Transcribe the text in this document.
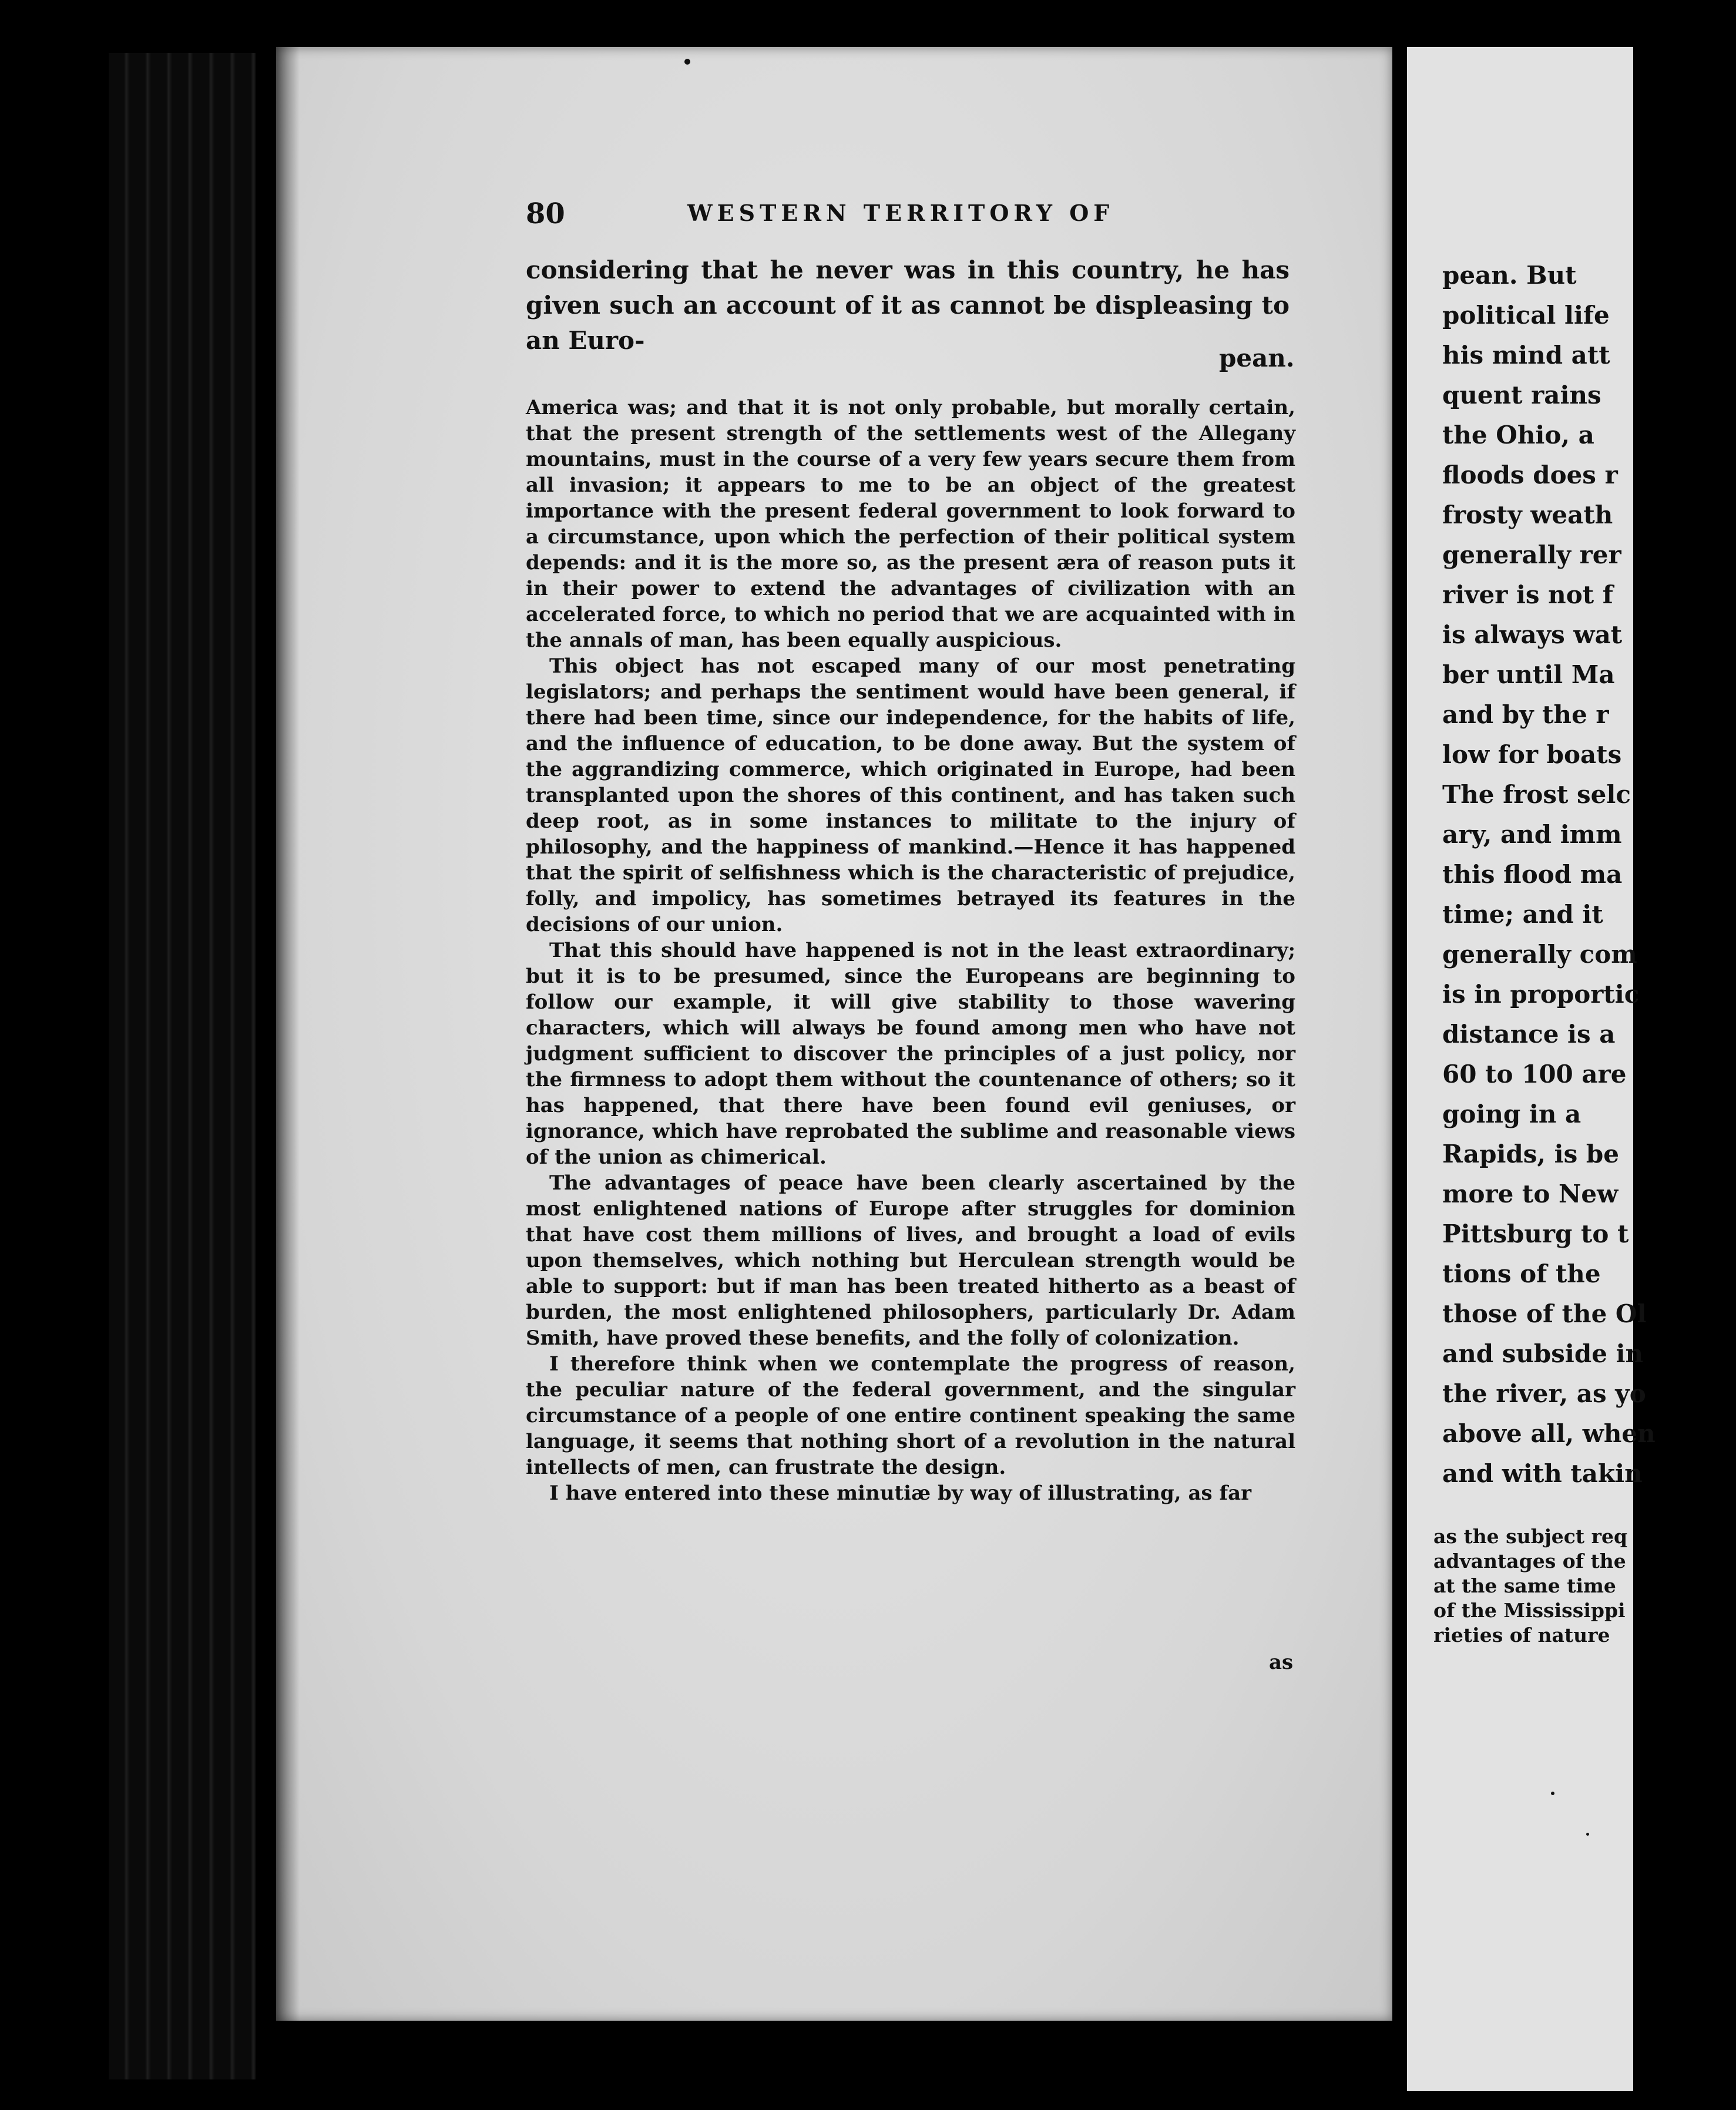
80	WESTERN TERRITORY OF
considering that he never was in this country, he has given such an account of it as cannot be displeasing to an Euro-
pean.

America was; and that it is not only probable, but morally certain, that the present strength of the settlements west of the Allegany mountains, must in the course of a very few years secure them from all invasion; it appears to me to be an object of the greatest importance with the present federal government to look forward to a circumstance, upon which the perfection of their political system depends: and it is the more so, as the present æra of reason puts it in their power to extend the advantages of civilization with an accelerated force, to which no period that we are acquainted with in the annals of man, has been equally auspicious.

This object has not escaped many of our most penetrating legislators; and perhaps the sentiment would have been general, if there had been time, since our independence, for the habits of life, and the influence of education, to be done away. But the system of the aggrandizing commerce, which originated in Europe, had been transplanted upon the shores of this continent, and has taken such deep root, as in some instances to militate to the injury of philosophy, and the happiness of mankind.—Hence it has happened that the spirit of selfishness which is the characteristic of prejudice, folly, and impolicy, has sometimes betrayed its features in the decisions of our union.

That this should have happened is not in the least extraordinary; but it is to be presumed, since the Europeans are beginning to follow our example, it will give stability to those wavering characters, which will always be found among men who have not judgment sufficient to discover the principles of a just policy, nor the firmness to adopt them without the countenance of others; so it has happened, that there have been found evil geniuses, or ignorance, which have reprobated the sublime and reasonable views of the union as chimerical.

The advantages of peace have been clearly ascertained by the most enlightened nations of Europe after struggles for dominion that have cost them millions of lives, and brought a load of evils upon themselves, which nothing but Herculean strength would be able to support: but if man has been treated hitherto as a beast of burden, the most enlightened philosophers, particularly Dr. Adam Smith, have proved these benefits, and the folly of colonization.

I therefore think when we contemplate the progress of reason, the peculiar nature of the federal government, and the singular circumstance of a people of one entire continent speaking the same language, it seems that nothing short of a revolution in the natural intellects of men, can frustrate the design.

I have entered into these minutiæ by way of illustrating, as far

as
pean. But
political life
his mind att
quent rains
the Ohio, a
floods does r
frosty weath
generally rer
river is not f
is always wat
ber until Ma
and by the r
low for boats
The frost selc
ary, and imm
this flood ma
time; and it
generally com
is in proportic
distance is a
60 to 100 are
going in a
Rapids, is be
more to New
Pittsburg to t
tions of the
those of the Ol
and subside in
the river, as yo
above all, when
and with takin
as the subject req
advantages of the
at the same time
of the Mississippi
rieties of nature
